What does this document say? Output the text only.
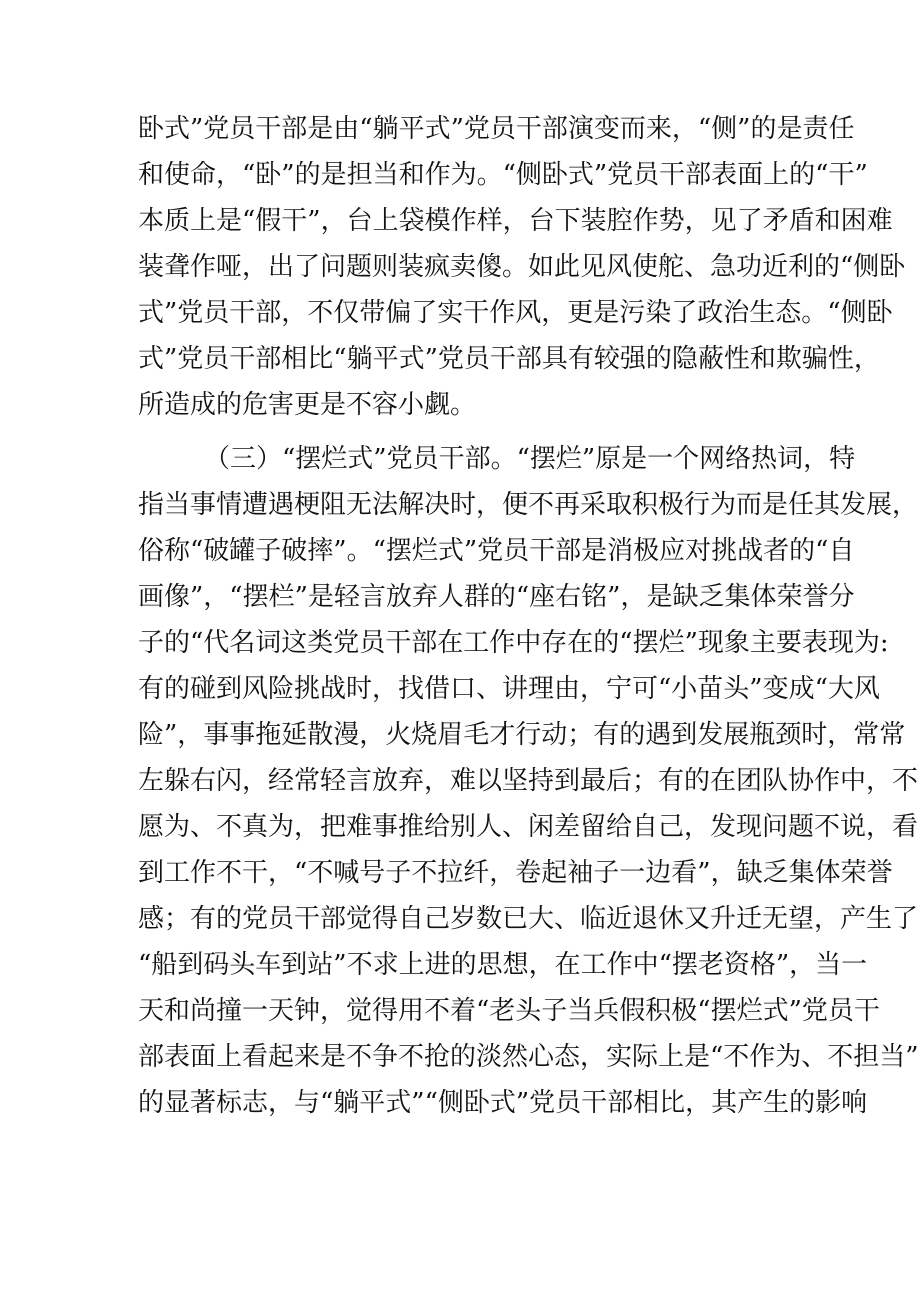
卧式”党员干部是由“躺平式”党员干部演变而来，“侧”的是责任
和使命，“卧”的是担当和作为。“侧卧式”党员干部表面上的“干”
本质上是“假干”，台上袋模作样，台下装腔作势，见了矛盾和困难
装聋作哑，出了问题则装疯卖傻。如此见风使舵、急功近利的“侧卧
式”党员干部，不仅带偏了实干作风，更是污染了政治生态。“侧卧
式”党员干部相比“躺平式”党员干部具有较强的隐蔽性和欺骗性，
所造成的危害更是不容小觑。
（三）“摆烂式”党员干部。“摆烂”原是一个网络热词，特
指当事情遭遇梗阻无法解决时，便不再采取积极行为而是任其发展，
俗称“破罐子破摔”。“摆烂式”党员干部是消极应对挑战者的“自
画像”，“摆栏”是轻言放弃人群的“座右铭”，是缺乏集体荣誉分
子的“代名词这类党员干部在工作中存在的“摆烂”现象主要表现为:
有的碰到风险挑战时，找借口、讲理由，宁可“小苗头”变成“大风
险”，事事拖延散漫，火烧眉毛才行动；有的遇到发展瓶颈时，常常
左躲右闪，经常轻言放弃，难以坚持到最后；有的在团队协作中，不
愿为、不真为，把难事推给别人、闲差留给自己，发现问题不说，看
到工作不干，“不喊号子不拉纤，卷起袖子一边看”，缺乏集体荣誉
感；有的党员干部觉得自己岁数已大、临近退休又升迁无望，产生了
“船到码头车到站”不求上进的思想，在工作中“摆老资格”，当一
天和尚撞一天钟，觉得用不着“老头子当兵假积极“摆烂式”党员干
部表面上看起来是不争不抢的淡然心态，实际上是“不作为、不担当”
的显著标志，与“躺平式”“侧卧式”党员干部相比，其产生的影响
